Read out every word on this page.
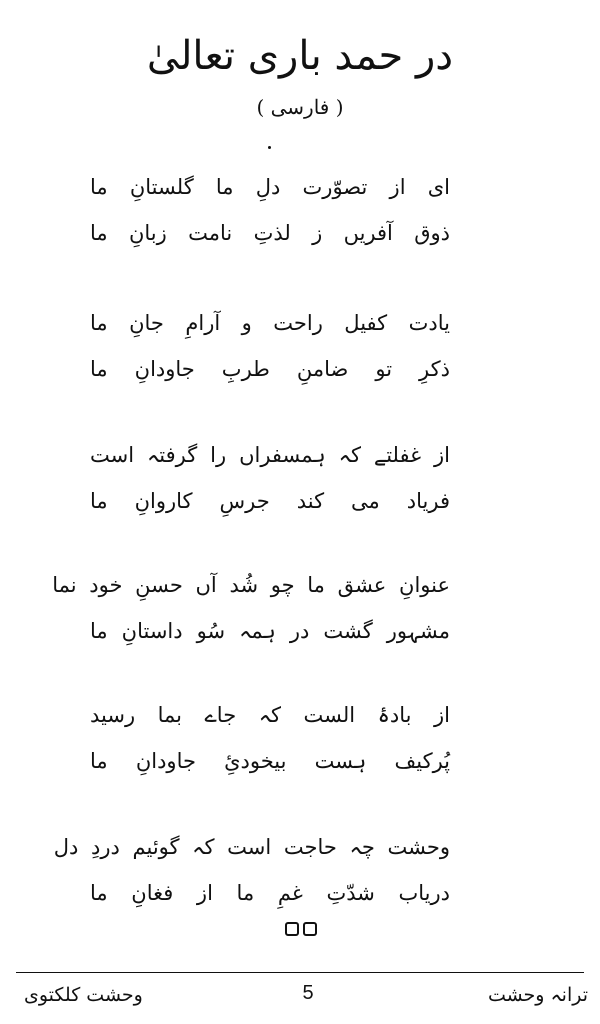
در حمد باری تعالیٰ
( فارسی )
ای از تصوّرت دلِ ما گلستانِ ما
ذوق آفریں ز لذتِ نامت زبانِ ما
یادت کفیل راحت و آرامِ جانِ ما
ذکرِ تو ضامنِ طربِ جاودانِ ما
از غفلتے کہ ہمسفراں را گرفتہ است
فریاد می کند جرسِ کاروانِ ما
عنوانِ عشق ما چو شُد آں حسنِ خود نما
مشہور گشت در ہمہ سُو داستانِ ما
از بادۂ الست کہ جاے بما رسید
پُرکیف ہست بیخودیِٔ جاودانِ ما
وحشت چہ حاجت است کہ گوئیم دردِ دل
دریاب شدّتِ غمِ ما از فغانِ ما
وحشت کلکتوی	5	ترانہ وحشت
